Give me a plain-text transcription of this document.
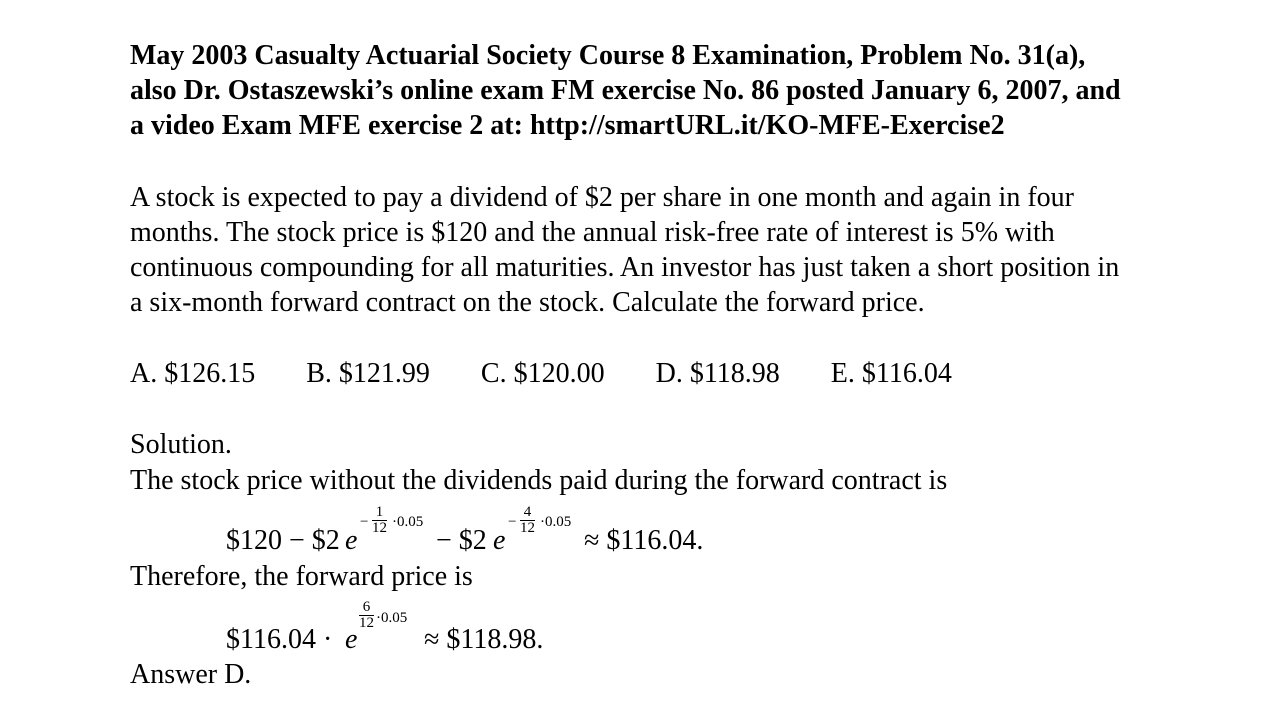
May 2003 Casualty Actuarial Society Course 8 Examination, Problem No. 31(a),
also Dr. Ostaszewski’s online exam FM exercise No. 86 posted January 6, 2007, and
a video Exam MFE exercise 2 at: http://smartURL.it/KO-MFE-Exercise2
A stock is expected to pay a dividend of $2 per share in one month and again in four
months. The stock price is $120 and the annual risk-free rate of interest is 5% with
continuous compounding for all maturities. An investor has just taken a short position in
a six-month forward contract on the stock. Calculate the forward price.
A. $126.15 B. $121.99 C. $120.00 D. $118.98 E. $116.04
Solution.
The stock price without the dividends paid during the forward contract is
$120 − $2 e
− $\frac{1}{12} \cdot 0.05$
− $2 e
− $\frac{4}{12} \cdot 0.05$
≈ $116.04.
Therefore, the forward price is
$116.04 · e
$\frac{6}{12} \cdot 0.05$
≈ $118.98.
Answer D.
